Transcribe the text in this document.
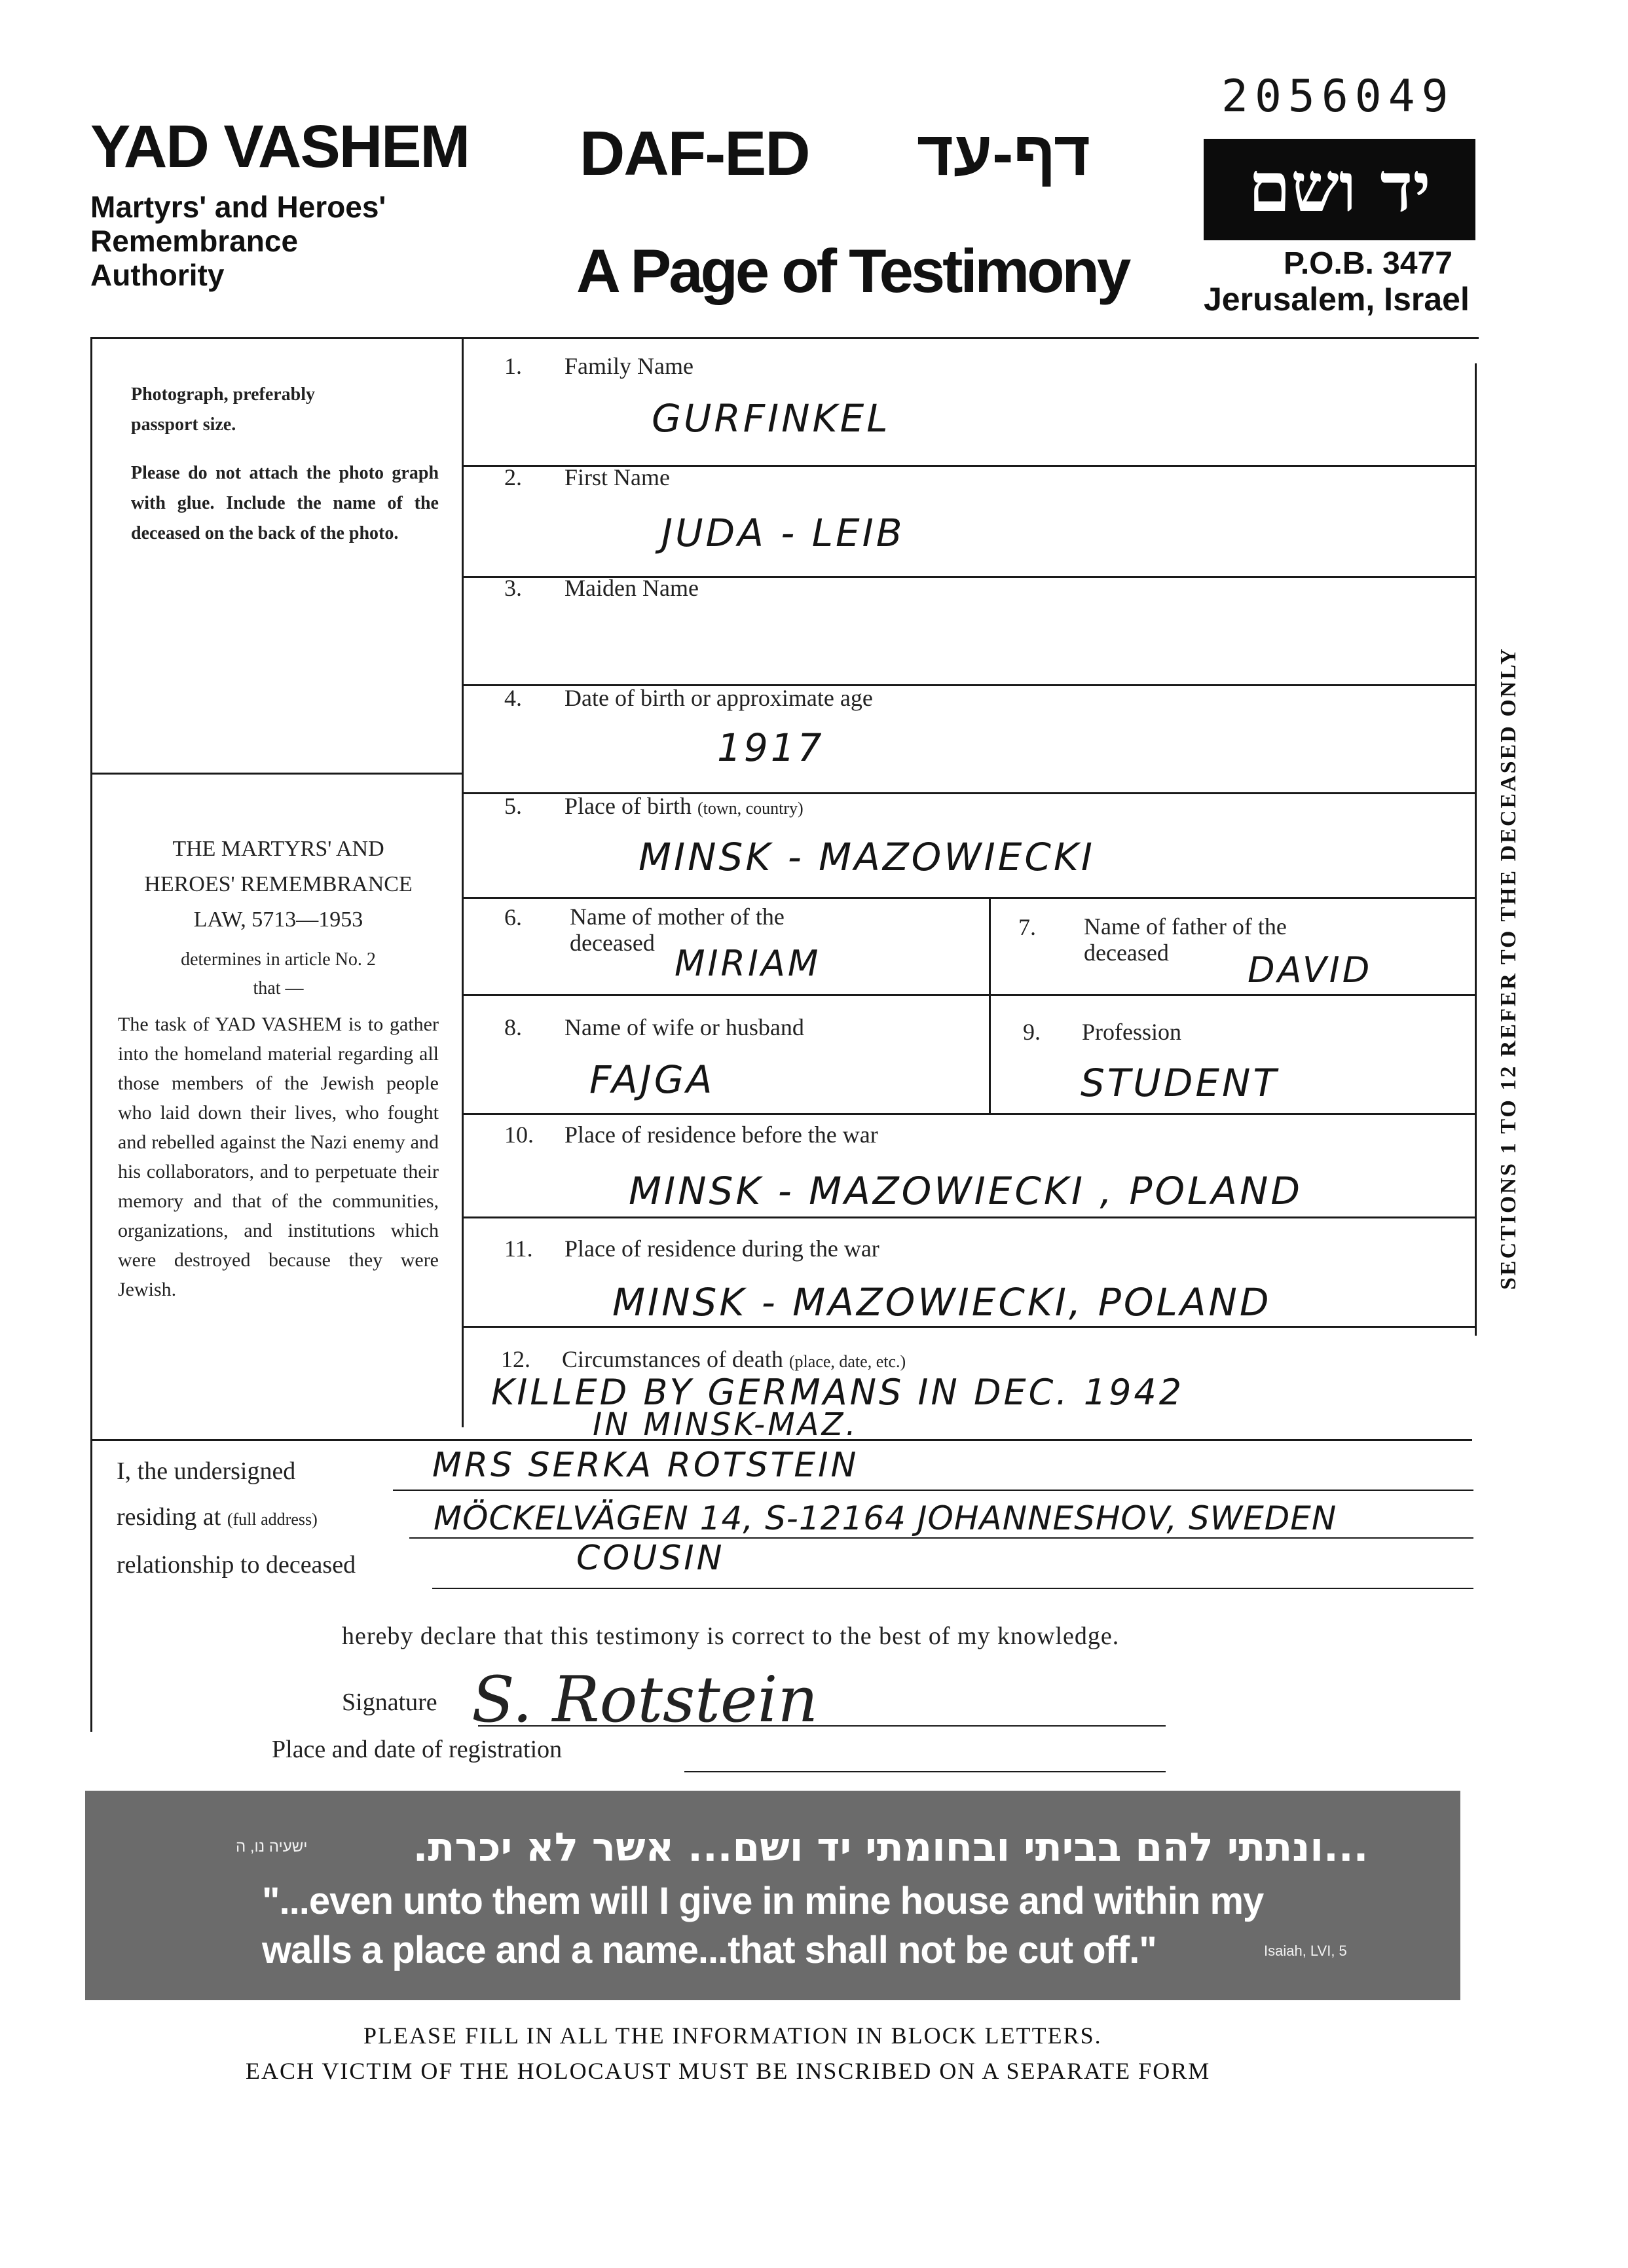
2056049
YAD VASHEM
Martyrs' and Heroes'
Remembrance
Authority
DAF-ED דף-עד
A Page of Testimony
יד ושם
P.O.B. 3477
Jerusalem, Israel
Photograph, preferably
passport size.
Please do not attach the photo graph with glue. Include the name of the deceased on the back of the photo.
THE MARTYRS' AND
HEROES' REMEMBRANCE
LAW, 5713—1953
determines in article No. 2
that —
The task of YAD VASHEM is to gather into the homeland material regarding all those members of the Jewish people who laid down their lives, who fought and rebelled against the Nazi enemy and his collaborators, and to perpetuate their memory and that of the communities, organizations, and institutions which were destroyed because they were Jewish.
1. Family Name
GURFINKEL
2. First Name
JUDA - LEIB
3. Maiden Name
4. Date of birth or approximate age
1917
5. Place of birth (town, country)
MINSK - MAZOWIECKI
6. Name of mother of the
deceased MIRIAM
7. Name of father of the
deceased	DAVID
8. Name of wife or husband
FAJGA
9. Profession
STUDENT
10. Place of residence before the war
MINSK - MAZOWIECKI , POLAND
11. Place of residence during the war
MINSK - MAZOWIECKI, POLAND
12. Circumstances of death (place, date, etc.)
KILLED BY GERMANS IN DEC. 1942
IN MINSK-MAZ.
SECTIONS 1 TO 12 REFER TO THE DECEASED ONLY
I, the undersigned	MRS SERKA ROTSTEIN
residing at (full address)	MÖCKELVÄGEN 14, S-12164 JOHANNESHOV, SWEDEN
relationship to deceased	COUSIN
hereby declare that this testimony is correct to the best of my knowledge.
Signature S. Rotstein
Place and date of registration
ישעיה נו, ה	...ונתתי להם בביתי ובחומתי יד ושם... אשר לא יכרת.
"...even unto them will I give in mine house and within my
walls a place and a name...that shall not be cut off."	Isaiah, LVI, 5
PLEASE FILL IN ALL THE INFORMATION IN BLOCK LETTERS.
EACH VICTIM OF THE HOLOCAUST MUST BE INSCRIBED ON A SEPARATE FORM
